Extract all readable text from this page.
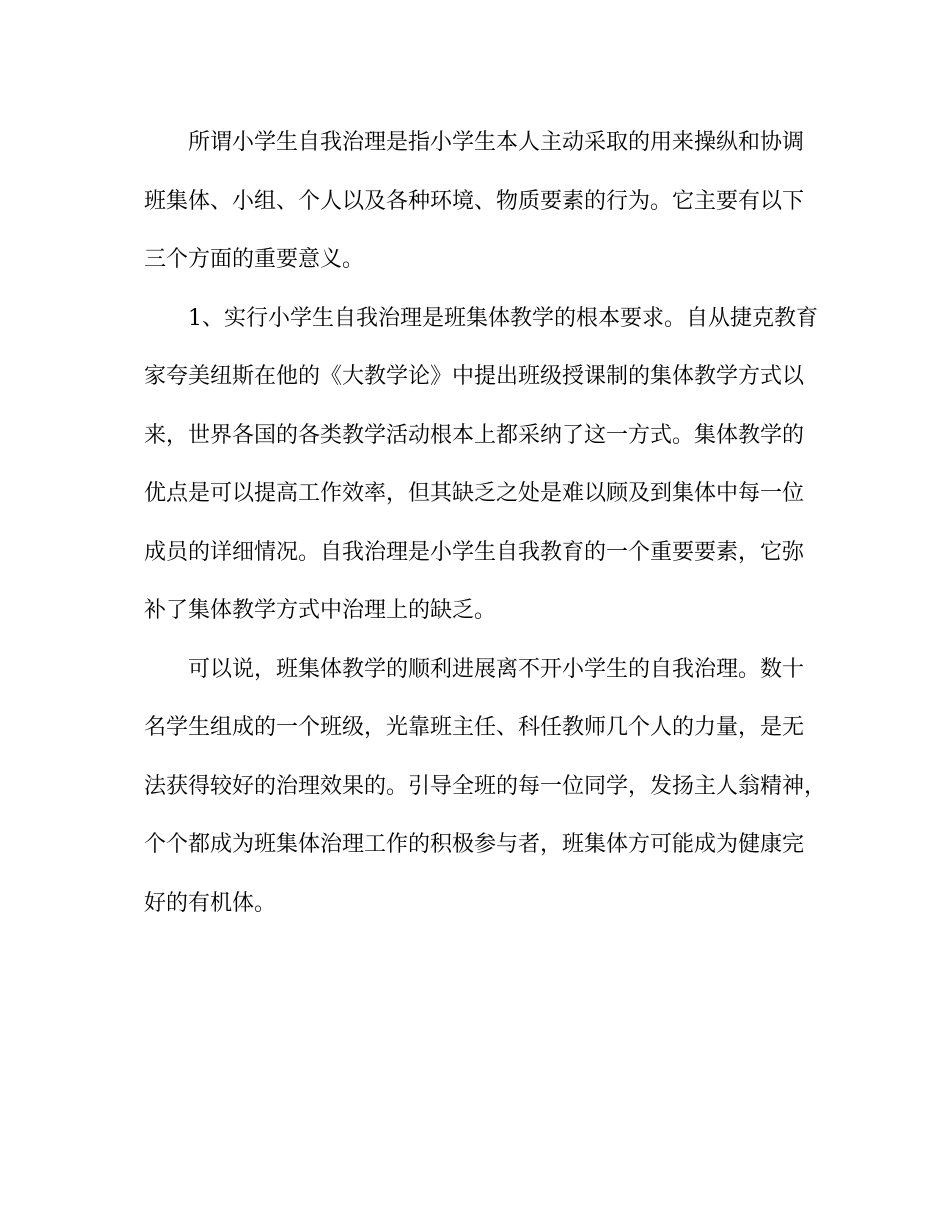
所谓小学生自我治理是指小学生本人主动采取的用来操纵和协调
班集体、小组、个人以及各种环境、物质要素的行为。它主要有以下
三个方面的重要意义。
1、实行小学生自我治理是班集体教学的根本要求。自从捷克教育
家夸美纽斯在他的《大教学论》中提出班级授课制的集体教学方式以
来，世界各国的各类教学活动根本上都采纳了这一方式。集体教学的
优点是可以提高工作效率，但其缺乏之处是难以顾及到集体中每一位
成员的详细情况。自我治理是小学生自我教育的一个重要要素，它弥
补了集体教学方式中治理上的缺乏。
可以说，班集体教学的顺利进展离不开小学生的自我治理。数十
名学生组成的一个班级，光靠班主任、科任教师几个人的力量，是无
法获得较好的治理效果的。引导全班的每一位同学，发扬主人翁精神，
个个都成为班集体治理工作的积极参与者，班集体方可能成为健康完
好的有机体。
